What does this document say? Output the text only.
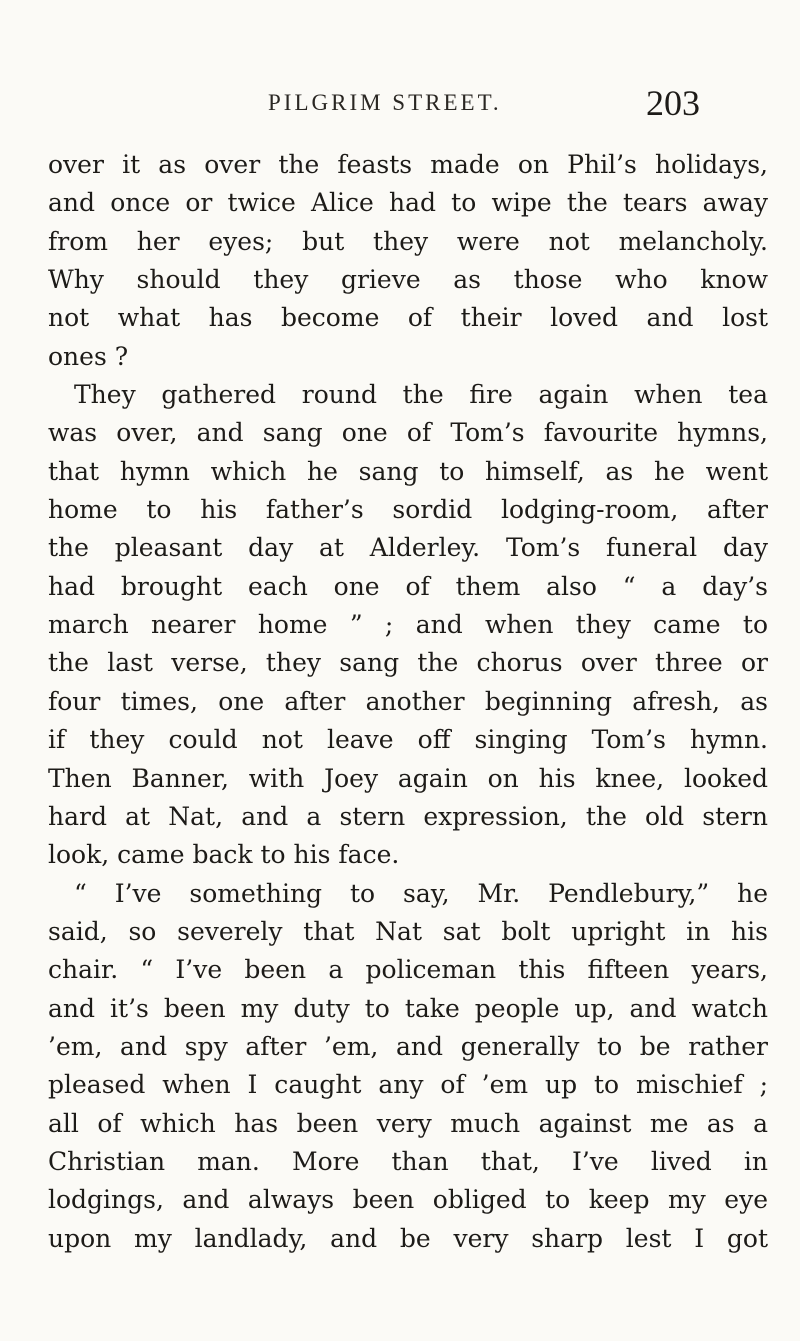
PILGRIM STREET.	203
over it as over the feasts made on Phil’s holidays,
and once or twice Alice had to wipe the tears away
from her eyes; but they were not melancholy.
Why should they grieve as those who know
not what has become of their loved and lost
ones ?
They gathered round the fire again when tea
was over, and sang one of Tom’s favourite hymns,
that hymn which he sang to himself, as he went
home to his father’s sordid lodging-room, after
the pleasant day at Alderley. Tom’s funeral day
had brought each one of them also “ a day’s
march nearer home ” ; and when they came to
the last verse, they sang the chorus over three or
four times, one after another beginning afresh, as
if they could not leave off singing Tom’s hymn.
Then Banner, with Joey again on his knee, looked
hard at Nat, and a stern expression, the old stern
look, came back to his face.
“ I’ve something to say, Mr. Pendlebury,” he
said, so severely that Nat sat bolt upright in his
chair. “ I’ve been a policeman this fifteen years,
and it’s been my duty to take people up, and watch
’em, and spy after ’em, and generally to be rather
pleased when I caught any of ’em up to mischief ;
all of which has been very much against me as a
Christian man. More than that, I’ve lived in
lodgings, and always been obliged to keep my eye
upon my landlady, and be very sharp lest I got
